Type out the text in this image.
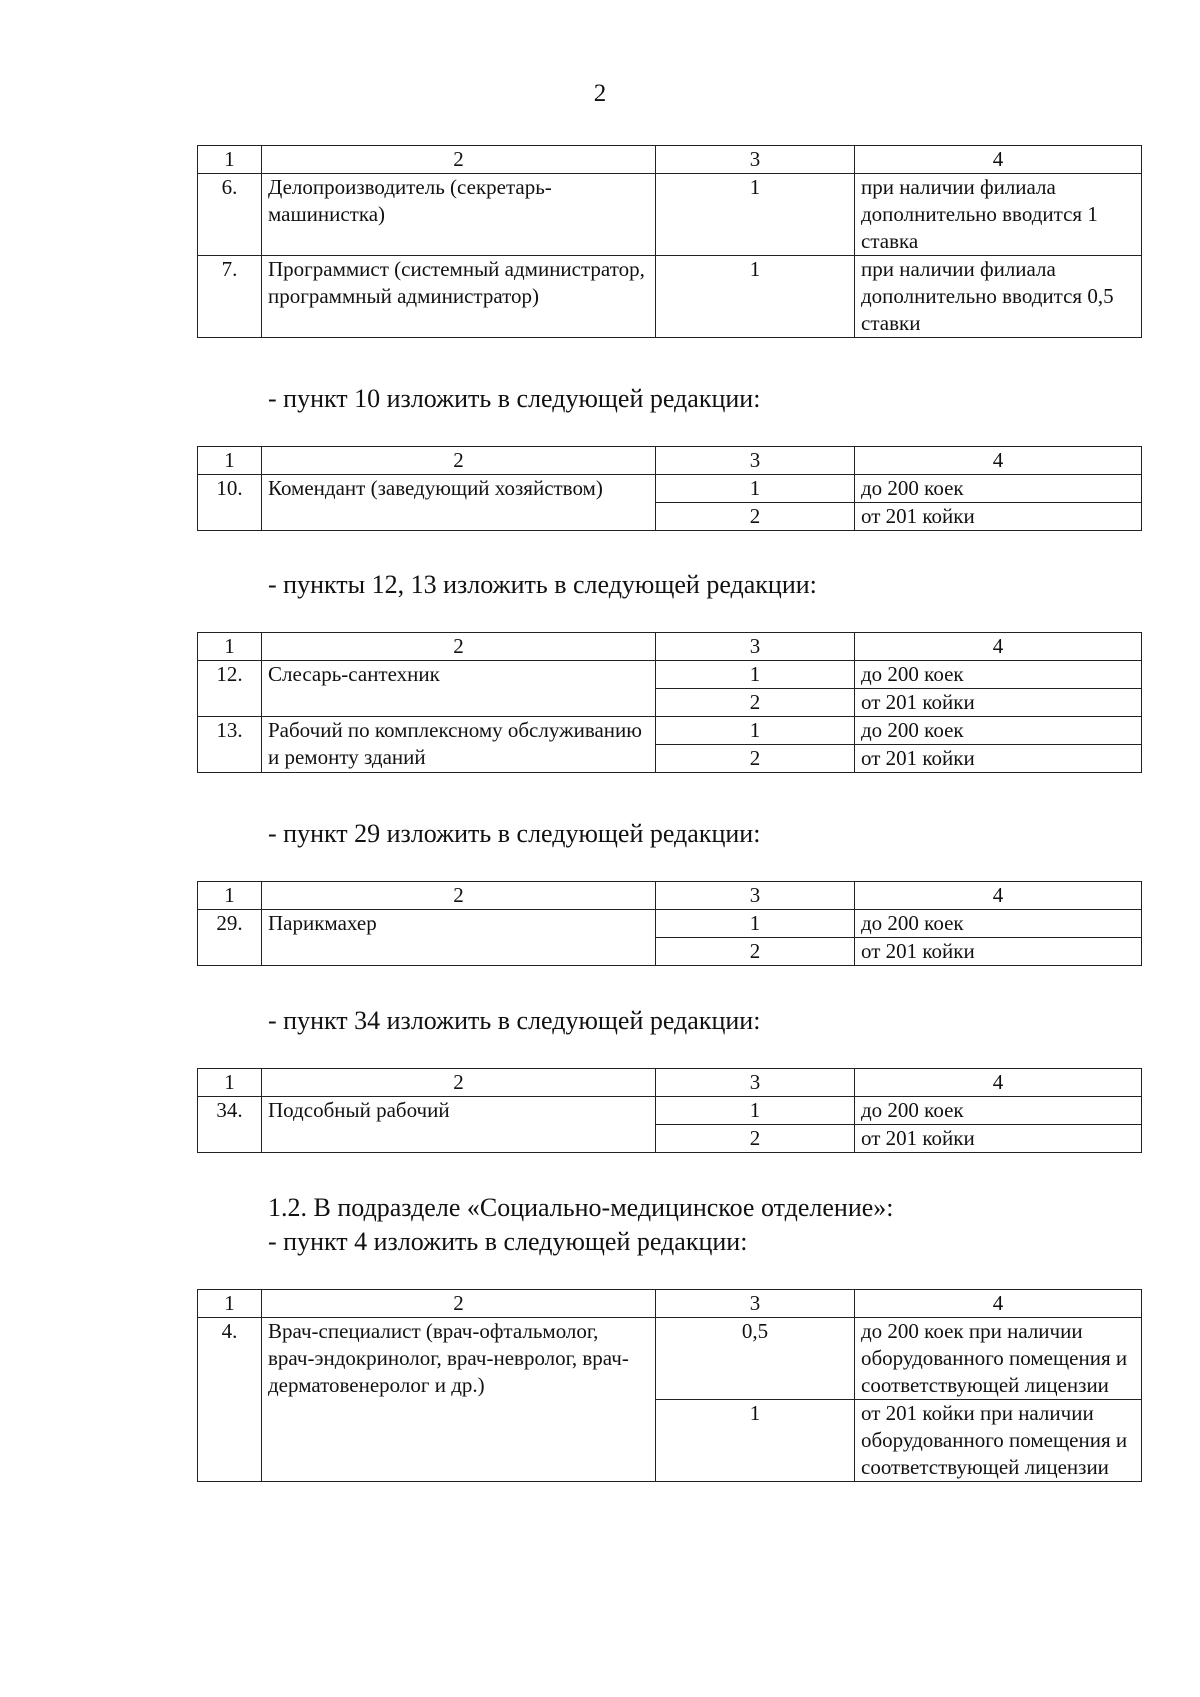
2
1	2	3	4
6.	Делопроизводитель (секретарь-машинистка)	1	при наличии филиала дополнительно вводится 1 ставка
7.	Программист (системный администратор, программный администратор)	1	при наличии филиала дополнительно вводится 0,5 ставки

- пункт 10 изложить в следующей редакции:

1	2	3	4
10.	Комендант (заведующий хозяйством)	1	до 200 коек
		2	от 201 койки

- пункты 12, 13 изложить в следующей редакции:

1	2	3	4
12.	Слесарь-сантехник	1	до 200 коек
		2	от 201 койки
13.	Рабочий по комплексному обслуживанию и ремонту зданий	1	до 200 коек
		2	от 201 койки

- пункт 29 изложить в следующей редакции:

1	2	3	4
29.	Парикмахер	1	до 200 коек
		2	от 201 койки

- пункт 34 изложить в следующей редакции:

1	2	3	4
34.	Подсобный рабочий	1	до 200 коек
		2	от 201 койки

1.2. В подразделе «Социально-медицинское отделение»:
- пункт 4 изложить в следующей редакции:

1	2	3	4
4.	Врач-специалист (врач-офтальмолог, врач-эндокринолог, врач-невролог, врач-дерматовенеролог и др.)	0,5	до 200 коек при наличии оборудованного помещения и соответствующей лицензии
		1	от 201 койки при наличии оборудованного помещения и соответствующей лицензии
